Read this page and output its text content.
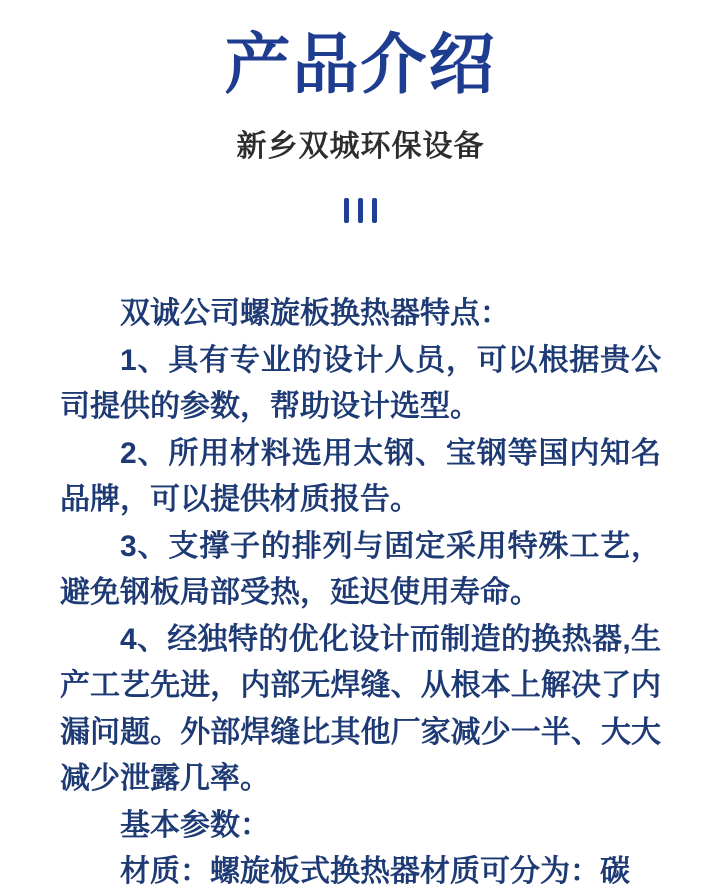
产品介绍
新乡双城环保设备

双诚公司螺旋板换热器特点：

1、具有专业的设计人员，可以根据贵公司提供的参数，帮助设计选型。

2、所用材料选用太钢、宝钢等国内知名品牌，可以提供材质报告。

3、支撑子的排列与固定采用特殊工艺，避免钢板局部受热，延迟使用寿命。

4、经独特的优化设计而制造的换热器,生产工艺先进，内部无焊缝、从根本上解决了内漏问题。外部焊缝比其他厂家减少一半、大大减少泄露几率。

基本参数：

材质：螺旋板式换热器材质可分为：碳
